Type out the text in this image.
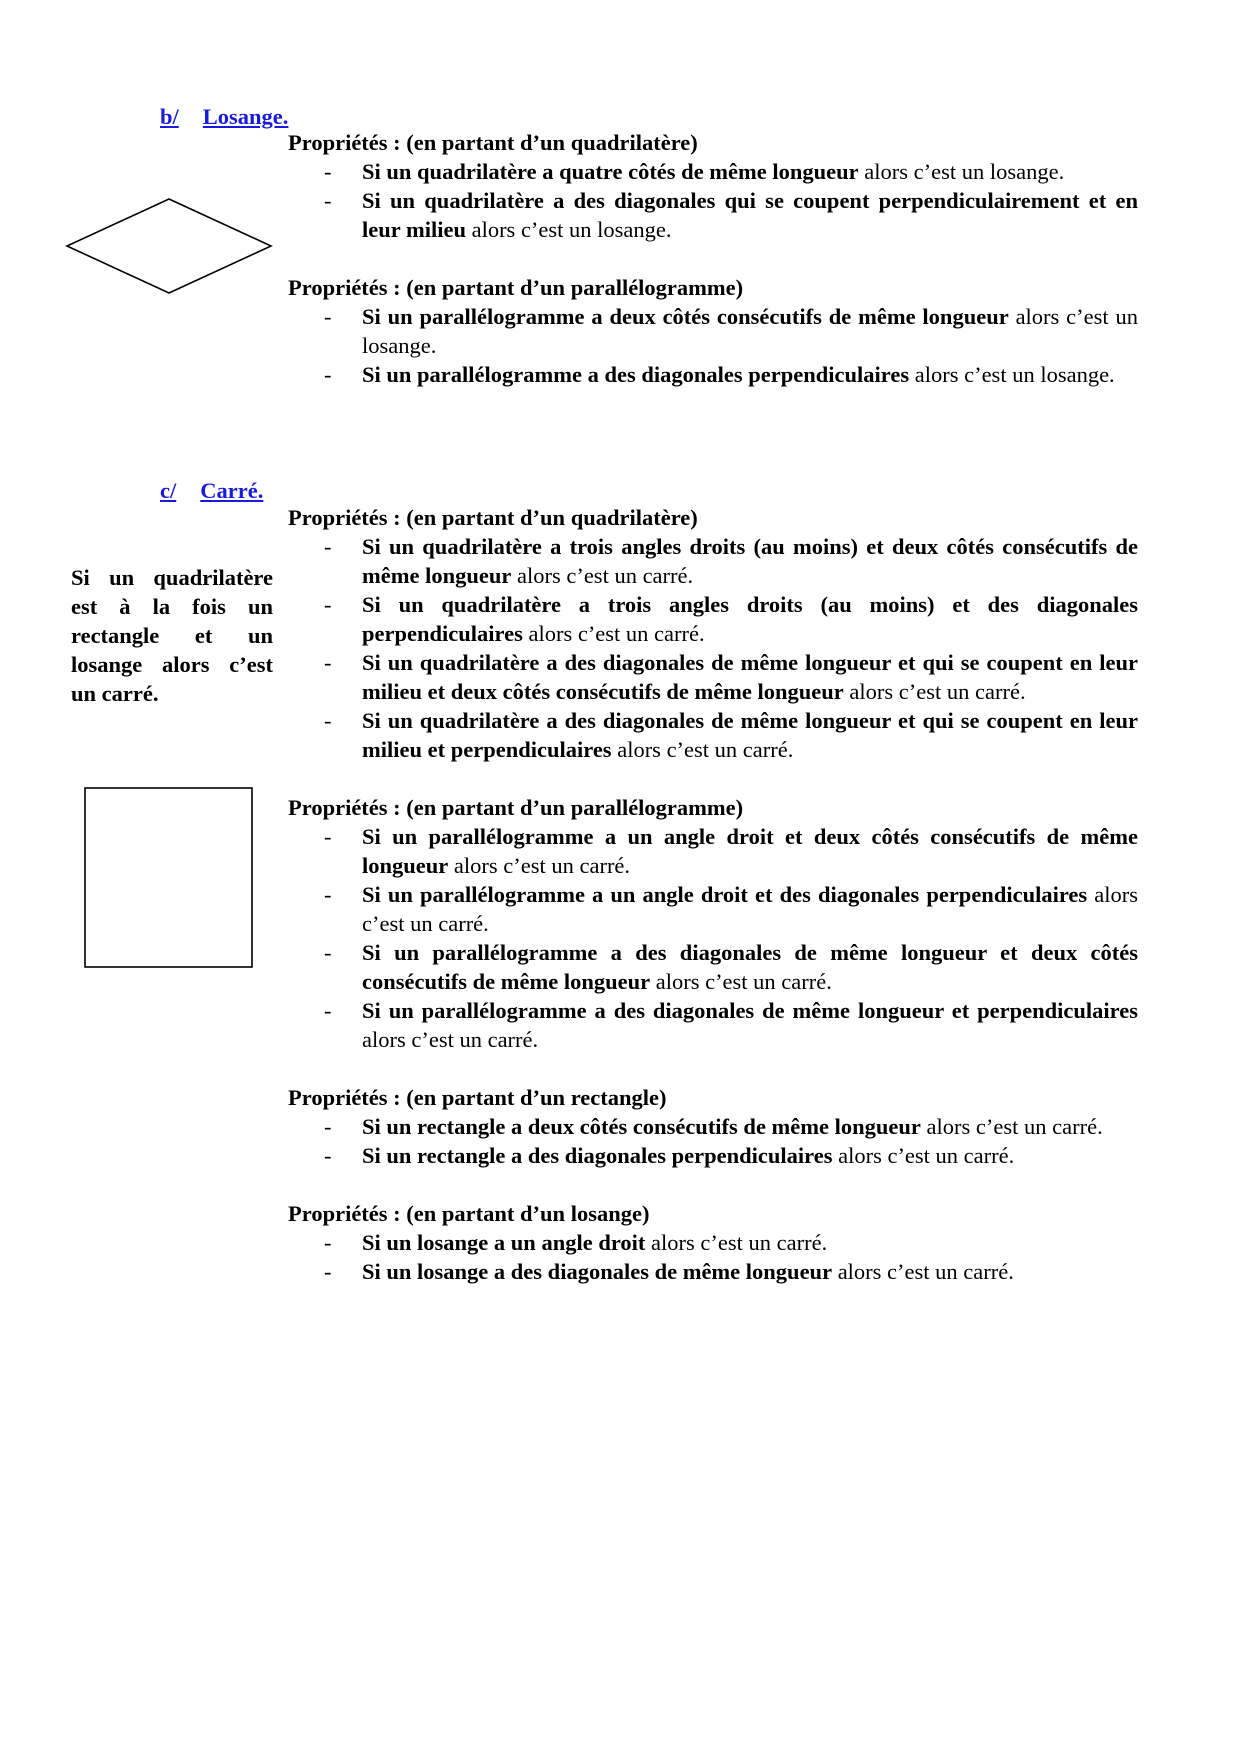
b/ Losange.
Propriétés : (en partant d’un quadrilatère)
- Si un quadrilatère a quatre côtés de même longueur alors c’est un losange.
- Si un quadrilatère a des diagonales qui se coupent perpendiculairement et en leur milieu alors c’est un losange.
Propriétés : (en partant d’un parallélogramme)
- Si un parallélogramme a deux côtés consécutifs de même longueur alors c’est un losange.
- Si un parallélogramme a des diagonales perpendiculaires alors c’est un losange.
c/ Carré.
Si un quadrilatère est à la fois un rectangle et un losange alors c’est un carré.
Propriétés : (en partant d’un quadrilatère)
- Si un quadrilatère a trois angles droits (au moins) et deux côtés consécutifs de même longueur alors c’est un carré.
- Si un quadrilatère a trois angles droits (au moins) et des diagonales perpendiculaires alors c’est un carré.
- Si un quadrilatère a des diagonales de même longueur et qui se coupent en leur milieu et deux côtés consécutifs de même longueur alors c’est un carré.
- Si un quadrilatère a des diagonales de même longueur et qui se coupent en leur milieu et perpendiculaires alors c’est un carré.
Propriétés : (en partant d’un parallélogramme)
- Si un parallélogramme a un angle droit et deux côtés consécutifs de même longueur alors c’est un carré.
- Si un parallélogramme a un angle droit et des diagonales perpendiculaires alors c’est un carré.
- Si un parallélogramme a des diagonales de même longueur et deux côtés consécutifs de même longueur alors c’est un carré.
- Si un parallélogramme a des diagonales de même longueur et perpendiculaires alors c’est un carré.
Propriétés : (en partant d’un rectangle)
- Si un rectangle a deux côtés consécutifs de même longueur alors c’est un carré.
- Si un rectangle a des diagonales perpendiculaires alors c’est un carré.
Propriétés : (en partant d’un losange)
- Si un losange a un angle droit alors c’est un carré.
- Si un losange a des diagonales de même longueur alors c’est un carré.
